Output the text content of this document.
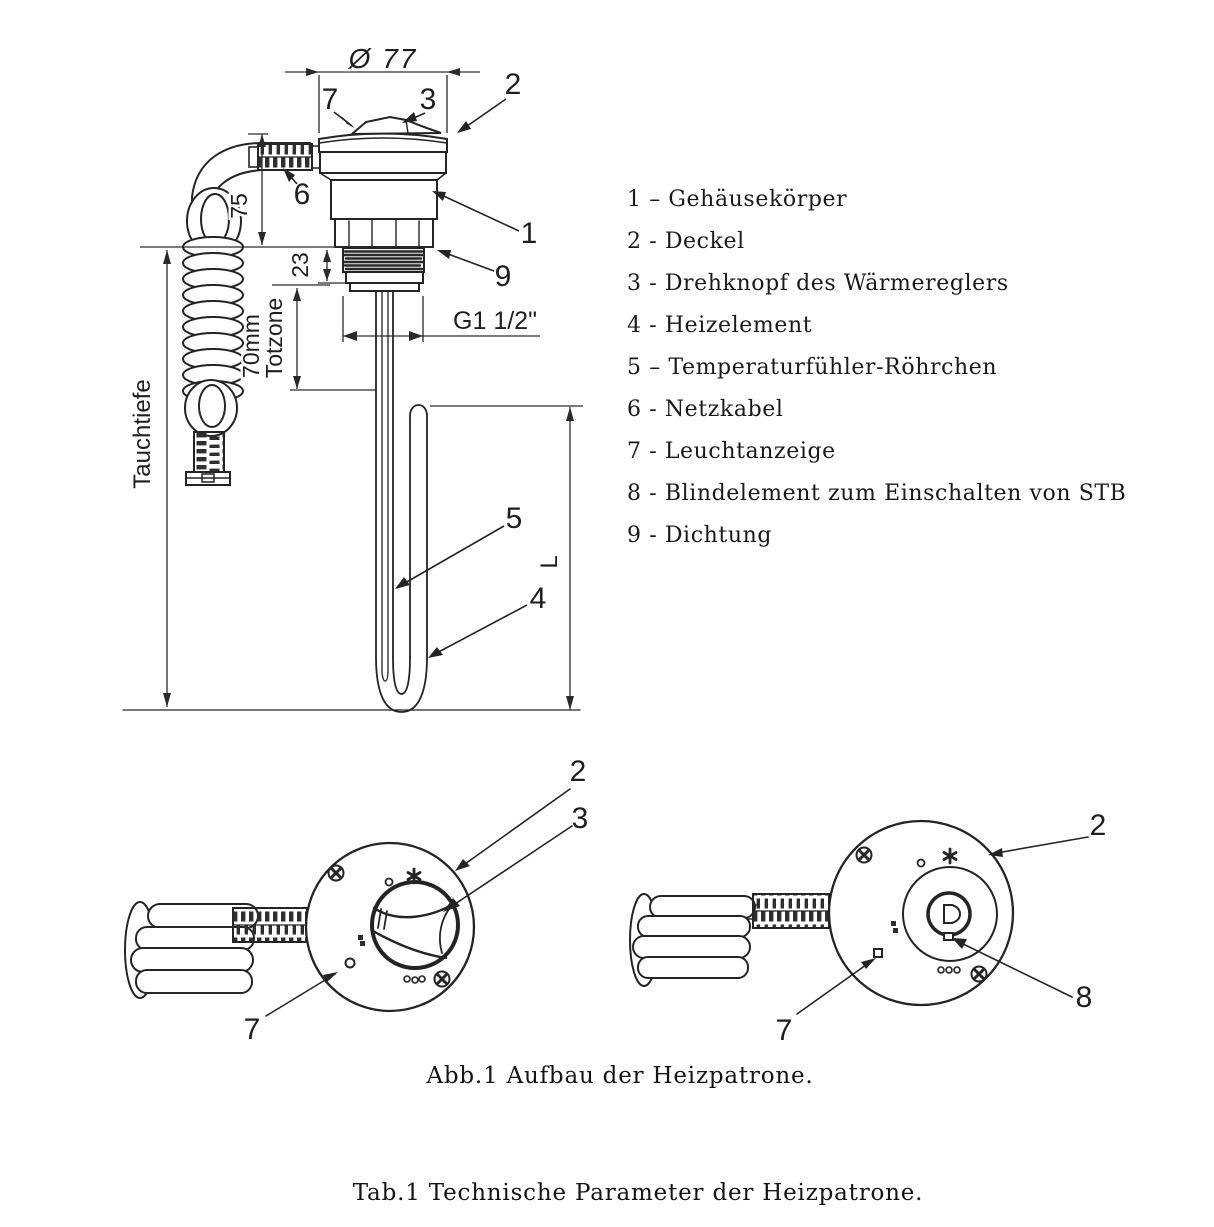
Ø 77
75
23
70mm
Totzone
Tauchtiefe
G1 1/2"
L
7	3 2
6
1
9
5
4
2
3
7
2
8
7
1 – Gehäusekörper
2 - Deckel
3 - Drehknopf des Wärmereglers
4 - Heizelement
5 – Temperaturfühler-Röhrchen
6 - Netzkabel
7 - Leuchtanzeige
8 - Blindelement zum Einschalten von STB
9 - Dichtung
Abb.1 Aufbau der Heizpatrone.
Tab.1 Technische Parameter der Heizpatrone.
